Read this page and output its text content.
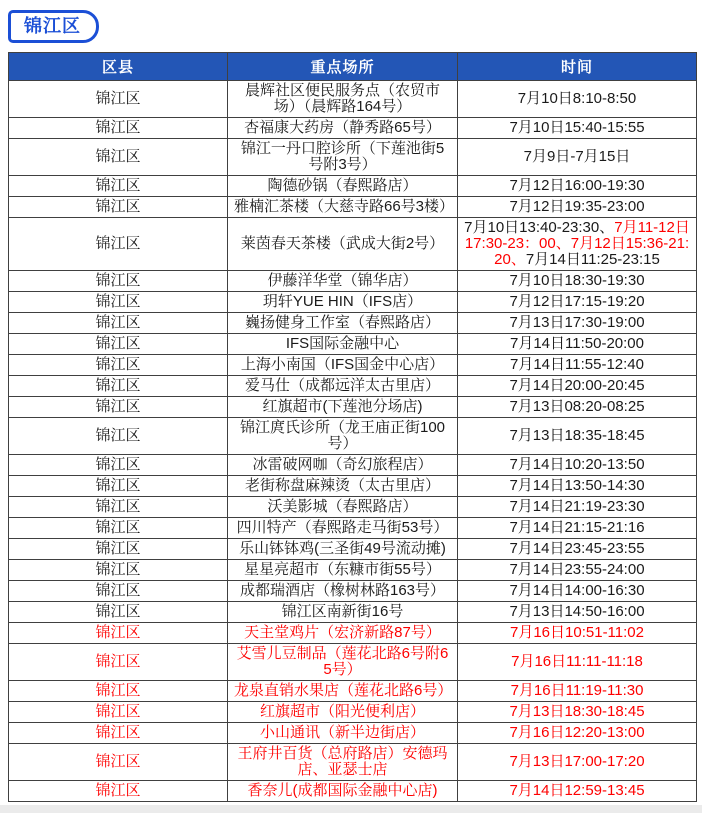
锦江区
区县	重点场所	时间
锦江区	晨辉社区便民服务点（农贸市场）（晨辉路164号）	7月10日8:10-8:50
锦江区	杏福康大药房（静秀路65号）	7月10日15:40-15:55
锦江区	锦江一丹口腔诊所（下莲池街5号附3号）	7月9日-7月15日
锦江区	陶德砂锅（春熙路店）	7月12日16:00-19:30
锦江区	雅楠汇茶楼（大慈寺路66号3楼）	7月12日19:35-23:00
锦江区	莱茵春天茶楼（武成大街2号）	7月10日13:40-23:30、7月11-12日17:30-23：00、7月12日15:36-21:20、7月14日11:25-23:15
锦江区	伊藤洋华堂（锦华店）	7月10日18:30-19:30
锦江区	玥轩YUE HIN（IFS店）	7月12日17:15-19:20
锦江区	巍扬健身工作室（春熙路店）	7月13日17:30-19:00
锦江区	IFS国际金融中心	7月14日11:50-20:00
锦江区	上海小南国（IFS国金中心店）	7月14日11:55-12:40
锦江区	爱马仕（成都远洋太古里店）	7月14日20:00-20:45
锦江区	红旗超市(下莲池分场店)	7月13日08:20-08:25
锦江区	锦江庹氏诊所（龙王庙正街100号）	7月13日18:35-18:45
锦江区	冰雷破网咖（奇幻旅程店）	7月14日10:20-13:50
锦江区	老街称盘麻辣烫（太古里店）	7月14日13:50-14:30
锦江区	沃美影城（春熙路店）	7月14日21:19-23:30
锦江区	四川特产（春熙路走马街53号）	7月14日21:15-21:16
锦江区	乐山钵钵鸡(三圣街49号流动摊)	7月14日23:45-23:55
锦江区	星星亮超市（东糠市街55号）	7月14日23:55-24:00
锦江区	成都瑞酒店（橡树林路163号）	7月14日14:00-16:30
锦江区	锦江区南新街16号	7月13日14:50-16:00
锦江区	天主堂鸡片（宏济新路87号）	7月16日10:51-11:02
锦江区	艾雪儿豆制品（莲花北路6号附65号）	7月16日11:11-11:18
锦江区	龙泉直销水果店（莲花北路6号）	7月16日11:19-11:30
锦江区	红旗超市（阳光便利店）	7月13日18:30-18:45
锦江区	小山通讯（新半边街店）	7月16日12:20-13:00
锦江区	王府井百货（总府路店）安德玛店、亚瑟士店	7月13日17:00-17:20
锦江区	香奈儿(成都国际金融中心店)	7月14日12:59-13:45
